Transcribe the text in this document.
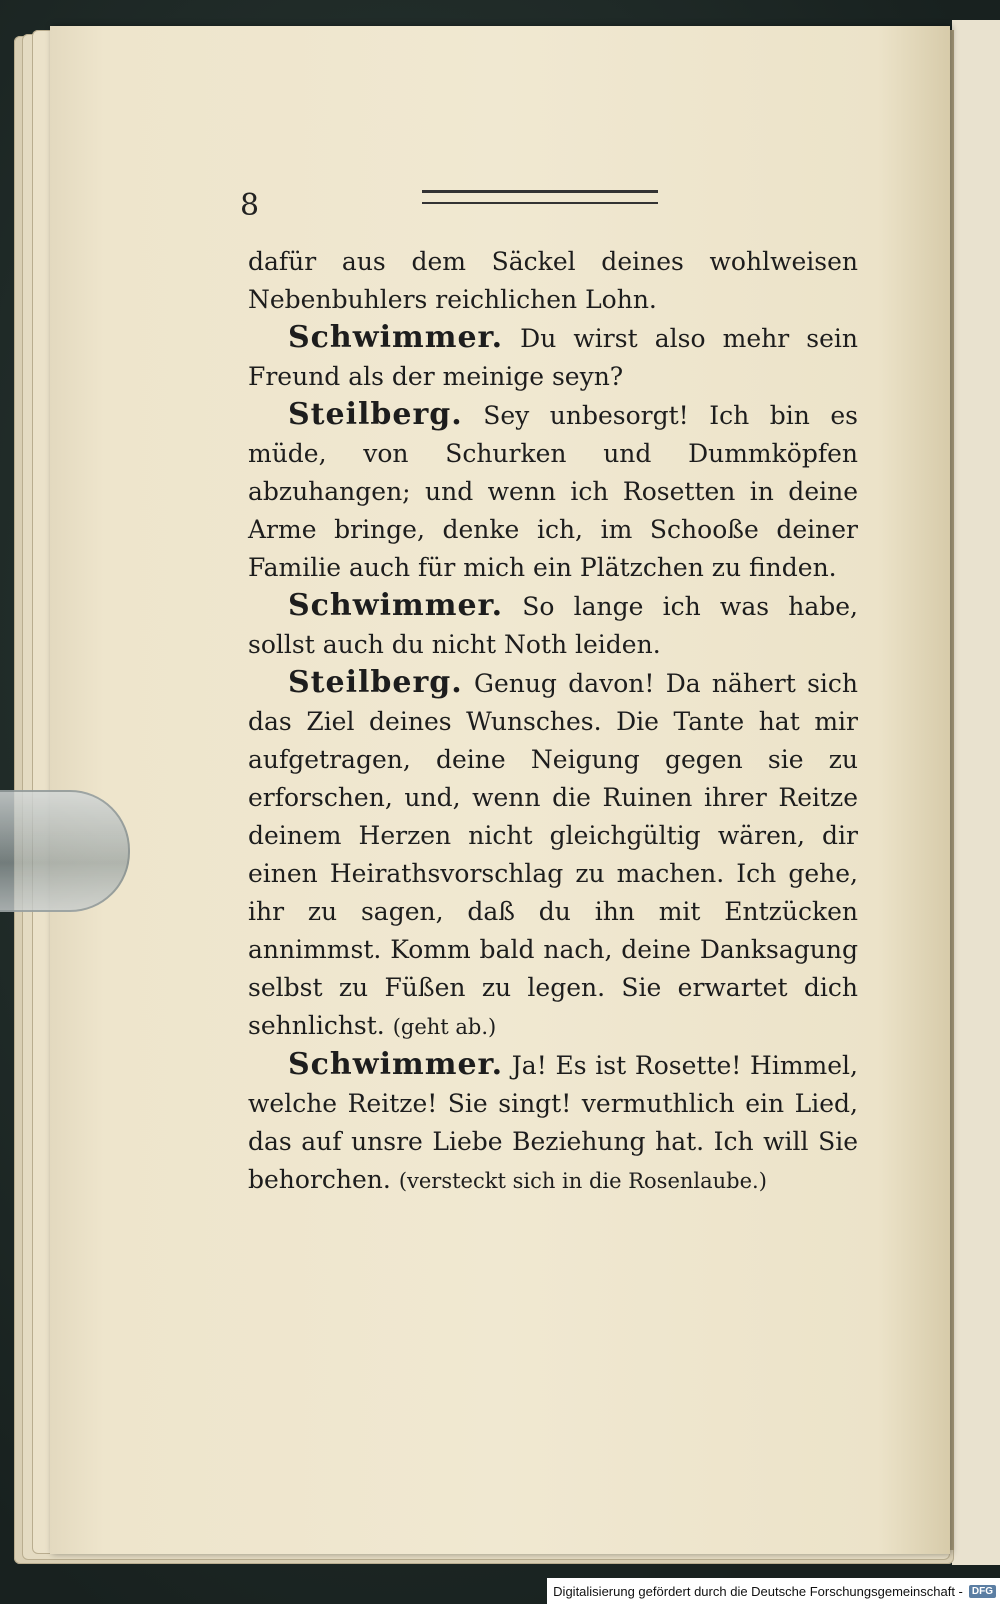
8

dafür aus dem Säckel deines wohlweisen Nebenbuhlers reichlichen Lohn.

Schwimmer. Du wirst also mehr sein Freund als der meinige seyn?

Steilberg. Sey unbesorgt! Ich bin es müde, von Schurken und Dummköpfen abzuhangen; und wenn ich Rosetten in deine Arme bringe, denke ich, im Schooße deiner Familie auch für mich ein Plätzchen zu finden.

Schwimmer. So lange ich was habe, sollst auch du nicht Noth leiden.

Steilberg. Genug davon! Da nähert sich das Ziel deines Wunsches. Die Tante hat mir aufgetragen, deine Neigung gegen sie zu erforschen, und, wenn die Ruinen ihrer Reitze deinem Herzen nicht gleichgültig wären, dir einen Heirathsvorschlag zu machen. Ich gehe, ihr zu sagen, daß du ihn mit Entzücken annimmst. Komm bald nach, deine Danksagung selbst zu Füßen zu legen. Sie erwartet dich sehnlichst. (geht ab.)

Schwimmer. Ja! Es ist Rosette! Himmel, welche Reitze! Sie singt! vermuthlich ein Lied, das auf unsre Liebe Beziehung hat. Ich will Sie behorchen. (versteckt sich in die Rosenlaube.)

Digitalisierung gefördert durch die Deutsche Forschungsgemeinschaft - DFG
